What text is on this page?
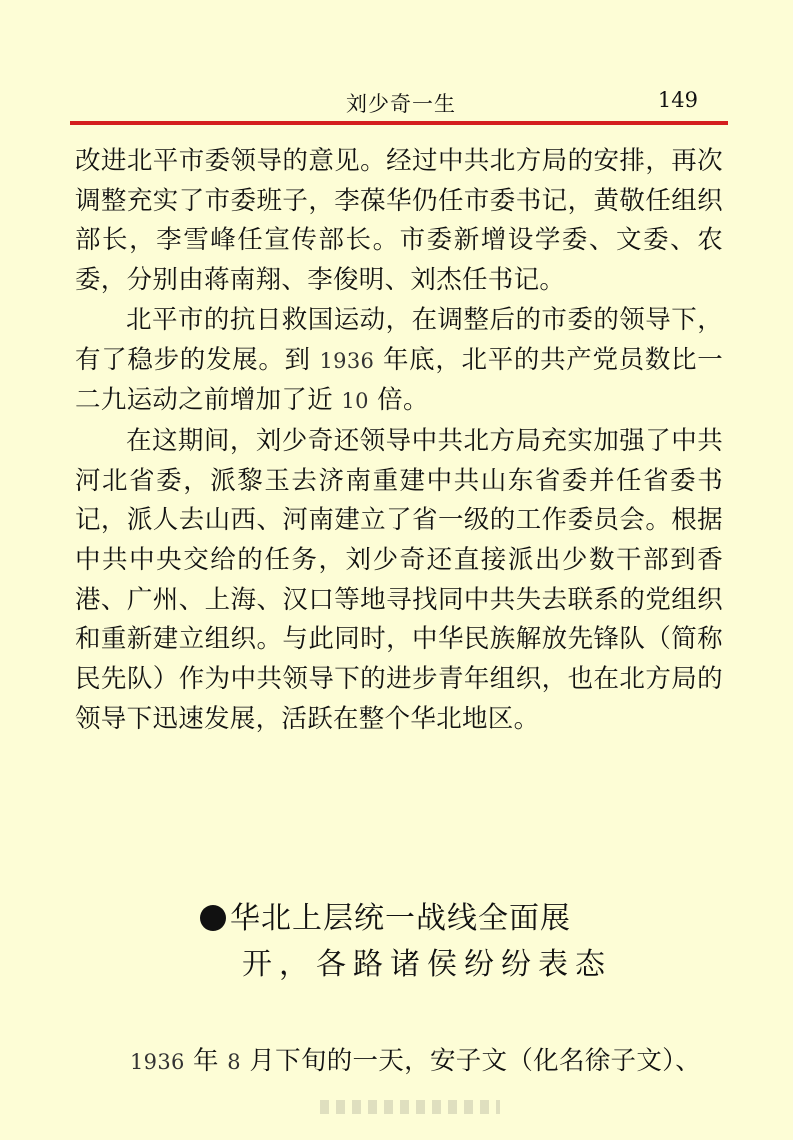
刘少奇一生	149

改进北平市委领导的意见。经过中共北方局的安排，再次调整充实了市委班子，李葆华仍任市委书记，黄敬任组织部长，李雪峰任宣传部长。市委新增设学委、文委、农委，分别由蒋南翔、李俊明、刘杰任书记。

北平市的抗日救国运动，在调整后的市委的领导下，有了稳步的发展。到 1936 年底，北平的共产党员数比一二九运动之前增加了近 10 倍。

在这期间，刘少奇还领导中共北方局充实加强了中共河北省委，派黎玉去济南重建中共山东省委并任省委书记，派人去山西、河南建立了省一级的工作委员会。根据中共中央交给的任务，刘少奇还直接派出少数干部到香港、广州、上海、汉口等地寻找同中共失去联系的党组织和重新建立组织。与此同时，中华民族解放先锋队（简称民先队）作为中共领导下的进步青年组织，也在北方局的领导下迅速发展，活跃在整个华北地区。

华北上层统一战线全面展
开，各路诸侯纷纷表态
1936 年 8 月下旬的一天，安子文（化名徐子文）、
